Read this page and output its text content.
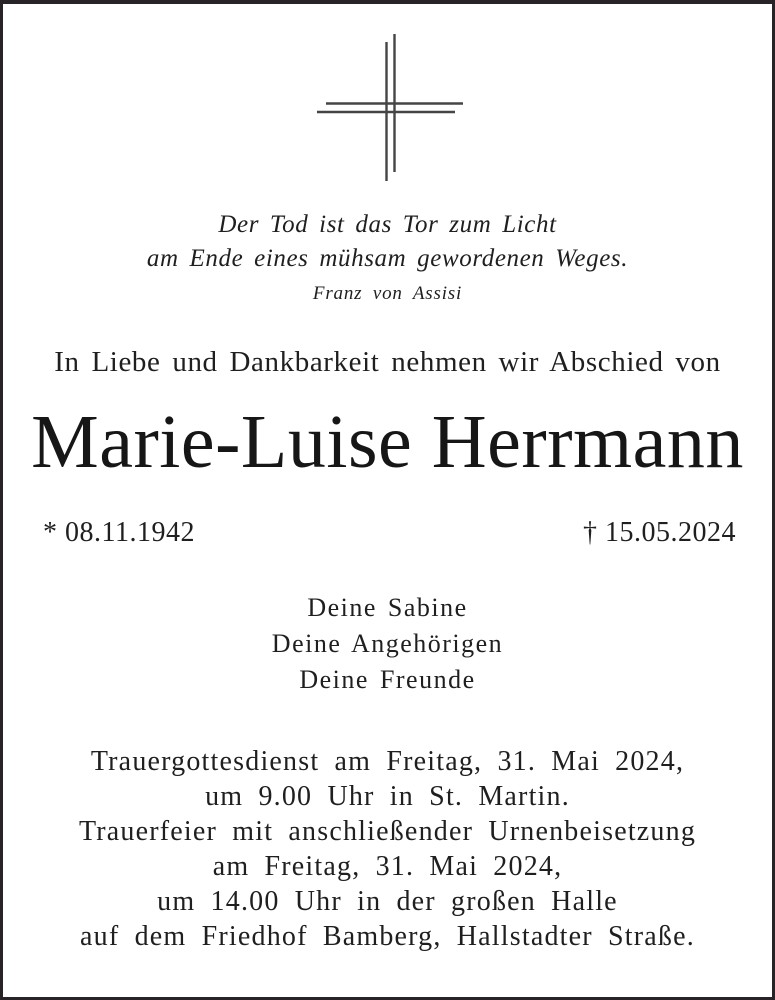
Der Tod ist das Tor zum Licht
am Ende eines mühsam gewordenen Weges.
Franz von Assisi
In Liebe und Dankbarkeit nehmen wir Abschied von
Marie-Luise Herrmann
* 08.11.1942	† 15.05.2024
Deine Sabine
Deine Angehörigen
Deine Freunde
Trauergottesdienst am Freitag, 31. Mai 2024,
um 9.00 Uhr in St. Martin.
Trauerfeier mit anschließender Urnenbeisetzung
am Freitag, 31. Mai 2024,
um 14.00 Uhr in der großen Halle
auf dem Friedhof Bamberg, Hallstadter Straße.
